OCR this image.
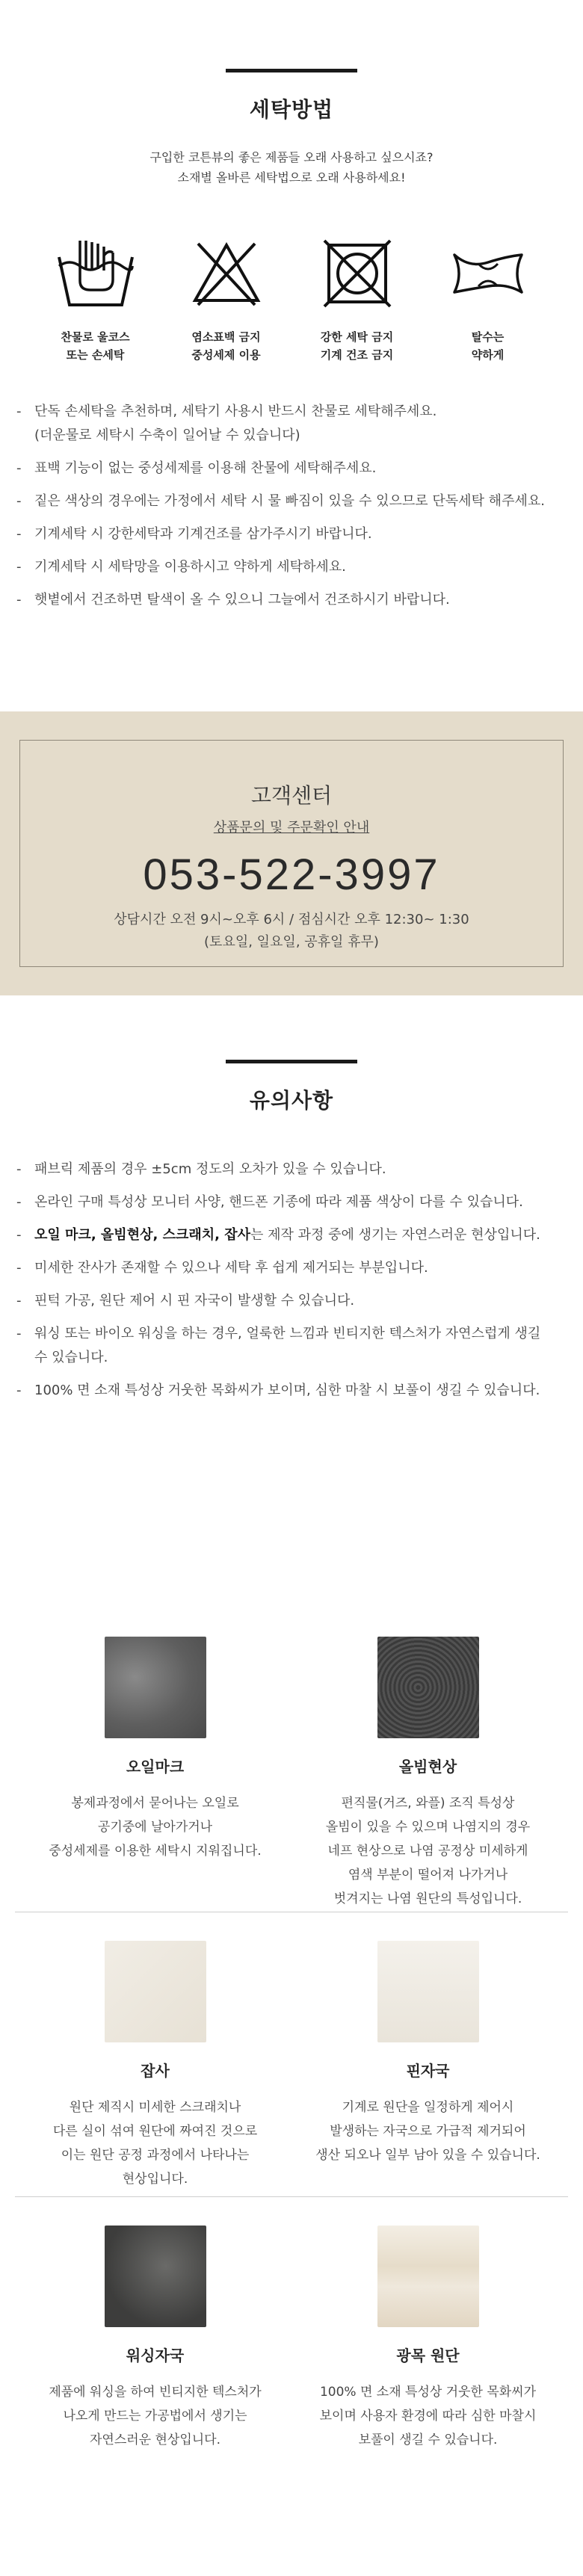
세탁방법
구입한 코튼뷰의 좋은 제품들 오래 사용하고 싶으시죠?
소재별 올바른 세탁법으로 오래 사용하세요!
찬물로 울코스
또는 손세탁
염소표백 금지
중성세제 이용
강한 세탁 금지
기계 건조 금지
탈수는
약하게
- 단독 손세탁을 추천하며, 세탁기 사용시 반드시 찬물로 세탁해주세요.
(더운물로 세탁시 수축이 일어날 수 있습니다)
- 표백 기능이 없는 중성세제를 이용해 찬물에 세탁해주세요.
- 짙은 색상의 경우에는 가정에서 세탁 시 물 빠짐이 있을 수 있으므로 단독세탁 해주세요.
- 기계세탁 시 강한세탁과 기계건조를 삼가주시기 바랍니다.
- 기계세탁 시 세탁망을 이용하시고 약하게 세탁하세요.
- 햇볕에서 건조하면 탈색이 올 수 있으니 그늘에서 건조하시기 바랍니다.
고객센터
상품문의 및 주문확인 안내
053-522-3997
상담시간 오전 9시~오후 6시 / 점심시간 오후 12:30~ 1:30
(토요일, 일요일, 공휴일 휴무)
유의사항
- 패브릭 제품의 경우 ±5cm 정도의 오차가 있을 수 있습니다.
- 온라인 구매 특성상 모니터 사양, 핸드폰 기종에 따라 제품 색상이 다를 수 있습니다.
- 오일 마크, 올빔현상, 스크래치, 잡사는 제작 과정 중에 생기는 자연스러운 현상입니다.
- 미세한 잔사가 존재할 수 있으나 세탁 후 쉽게 제거되는 부분입니다.
- 핀턱 가공, 원단 제어 시 핀 자국이 발생할 수 있습니다.
- 워싱 또는 바이오 워싱을 하는 경우, 얼룩한 느낌과 빈티지한 텍스처가 자연스럽게 생길 수 있습니다.
- 100% 면 소재 특성상 거웃한 목화씨가 보이며, 심한 마찰 시 보풀이 생길 수 있습니다.
오일마크
봉제과정에서 묻어나는 오일로
공기중에 날아가거나
중성세제를 이용한 세탁시 지워집니다.
올빔현상
편직물(거즈, 와플) 조직 특성상
올빔이 있을 수 있으며 나염지의 경우
네프 현상으로 나염 공정상 미세하게
염색 부분이 떨어져 나가거나
벗겨지는 나염 원단의 특성입니다.
잡사
원단 제직시 미세한 스크래치나
다른 실이 섞여 원단에 짜여진 것으로
이는 원단 공정 과정에서 나타나는
현상입니다.
핀자국
기계로 원단을 일정하게 제어시
발생하는 자국으로 가급적 제거되어
생산 되오나 일부 남아 있을 수 있습니다.
워싱자국
제품에 워싱을 하여 빈티지한 텍스처가
나오게 만드는 가공법에서 생기는
자연스러운 현상입니다.
광목 원단
100% 면 소재 특성상 거웃한 목화씨가
보이며 사용자 환경에 따라 심한 마찰시
보풀이 생길 수 있습니다.
